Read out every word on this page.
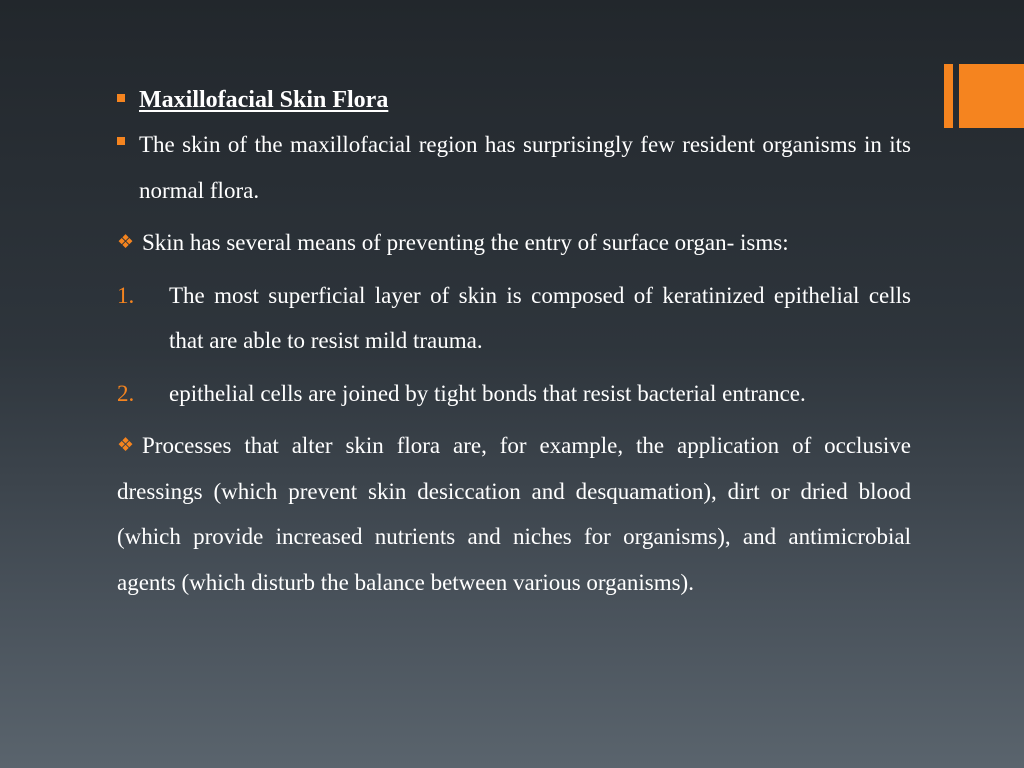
Maxillofacial Skin Flora
The skin of the maxillofacial region has surprisingly few resident organisms in its normal flora.
❖ Skin has several means of preventing the entry of surface organ- isms:
1. The most superficial layer of skin is composed of keratinized epithelial cells that are able to resist mild trauma.
2. epithelial cells are joined by tight bonds that resist bacterial entrance.
❖ Processes that alter skin flora are, for example, the application of occlusive dressings (which prevent skin desiccation and desquamation), dirt or dried blood (which provide increased nutrients and niches for organisms), and antimicrobial agents (which disturb the balance between various organisms).
